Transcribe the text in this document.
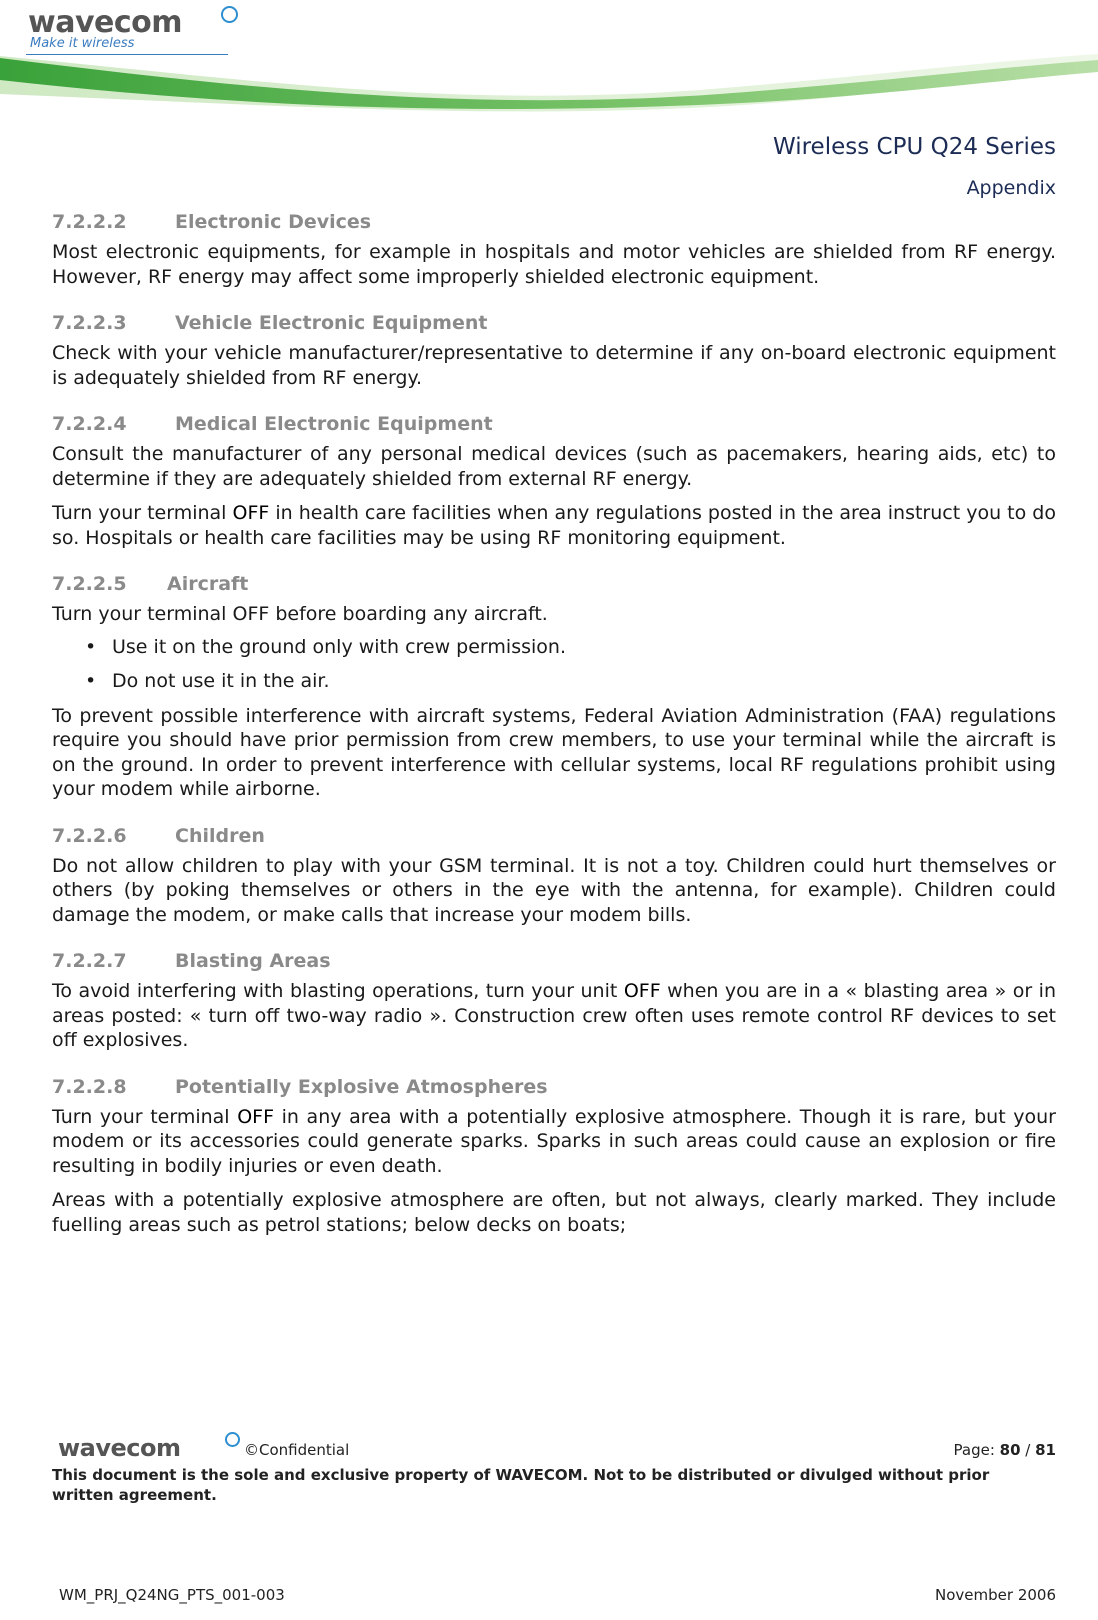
wavecom
Make it wireless
Wireless CPU Q24 Series
Appendix
7.2.2.2	Electronic Devices

Most electronic equipments, for example in hospitals and motor vehicles are shielded from RF energy. However, RF energy may affect some improperly shielded electronic equipment.

7.2.2.3	Vehicle Electronic Equipment

Check with your vehicle manufacturer/representative to determine if any on-board electronic equipment is adequately shielded from RF energy.

7.2.2.4	Medical Electronic Equipment

Consult the manufacturer of any personal medical devices (such as pacemakers, hearing aids, etc) to determine if they are adequately shielded from external RF energy.

Turn your terminal OFF in health care facilities when any regulations posted in the area instruct you to do so. Hospitals or health care facilities may be using RF monitoring equipment.

7.2.2.5 Aircraft

Turn your terminal OFF before boarding any aircraft.

• Use it on the ground only with crew permission.
• Do not use it in the air.

To prevent possible interference with aircraft systems, Federal Aviation Administration (FAA) regulations require you should have prior permission from crew members, to use your terminal while the aircraft is on the ground. In order to prevent interference with cellular systems, local RF regulations prohibit using your modem while airborne.

7.2.2.6	Children

Do not allow children to play with your GSM terminal. It is not a toy. Children could hurt themselves or others (by poking themselves or others in the eye with the antenna, for example). Children could damage the modem, or make calls that increase your modem bills.

7.2.2.7	Blasting Areas

To avoid interfering with blasting operations, turn your unit OFF when you are in a « blasting area » or in areas posted: « turn off two-way radio ». Construction crew often uses remote control RF devices to set off explosives.

7.2.2.8	Potentially Explosive Atmospheres

Turn your terminal OFF in any area with a potentially explosive atmosphere. Though it is rare, but your modem or its accessories could generate sparks. Sparks in such areas could cause an explosion or fire resulting in bodily injuries or even death.

Areas with a potentially explosive atmosphere are often, but not always, clearly marked. They include fuelling areas such as petrol stations; below decks on boats;

wavecom	©Confidential	Page: 80 / 81
This document is the sole and exclusive property of WAVECOM. Not to be distributed or divulged without prior written agreement.
WM_PRJ_Q24NG_PTS_001-003	November 2006
